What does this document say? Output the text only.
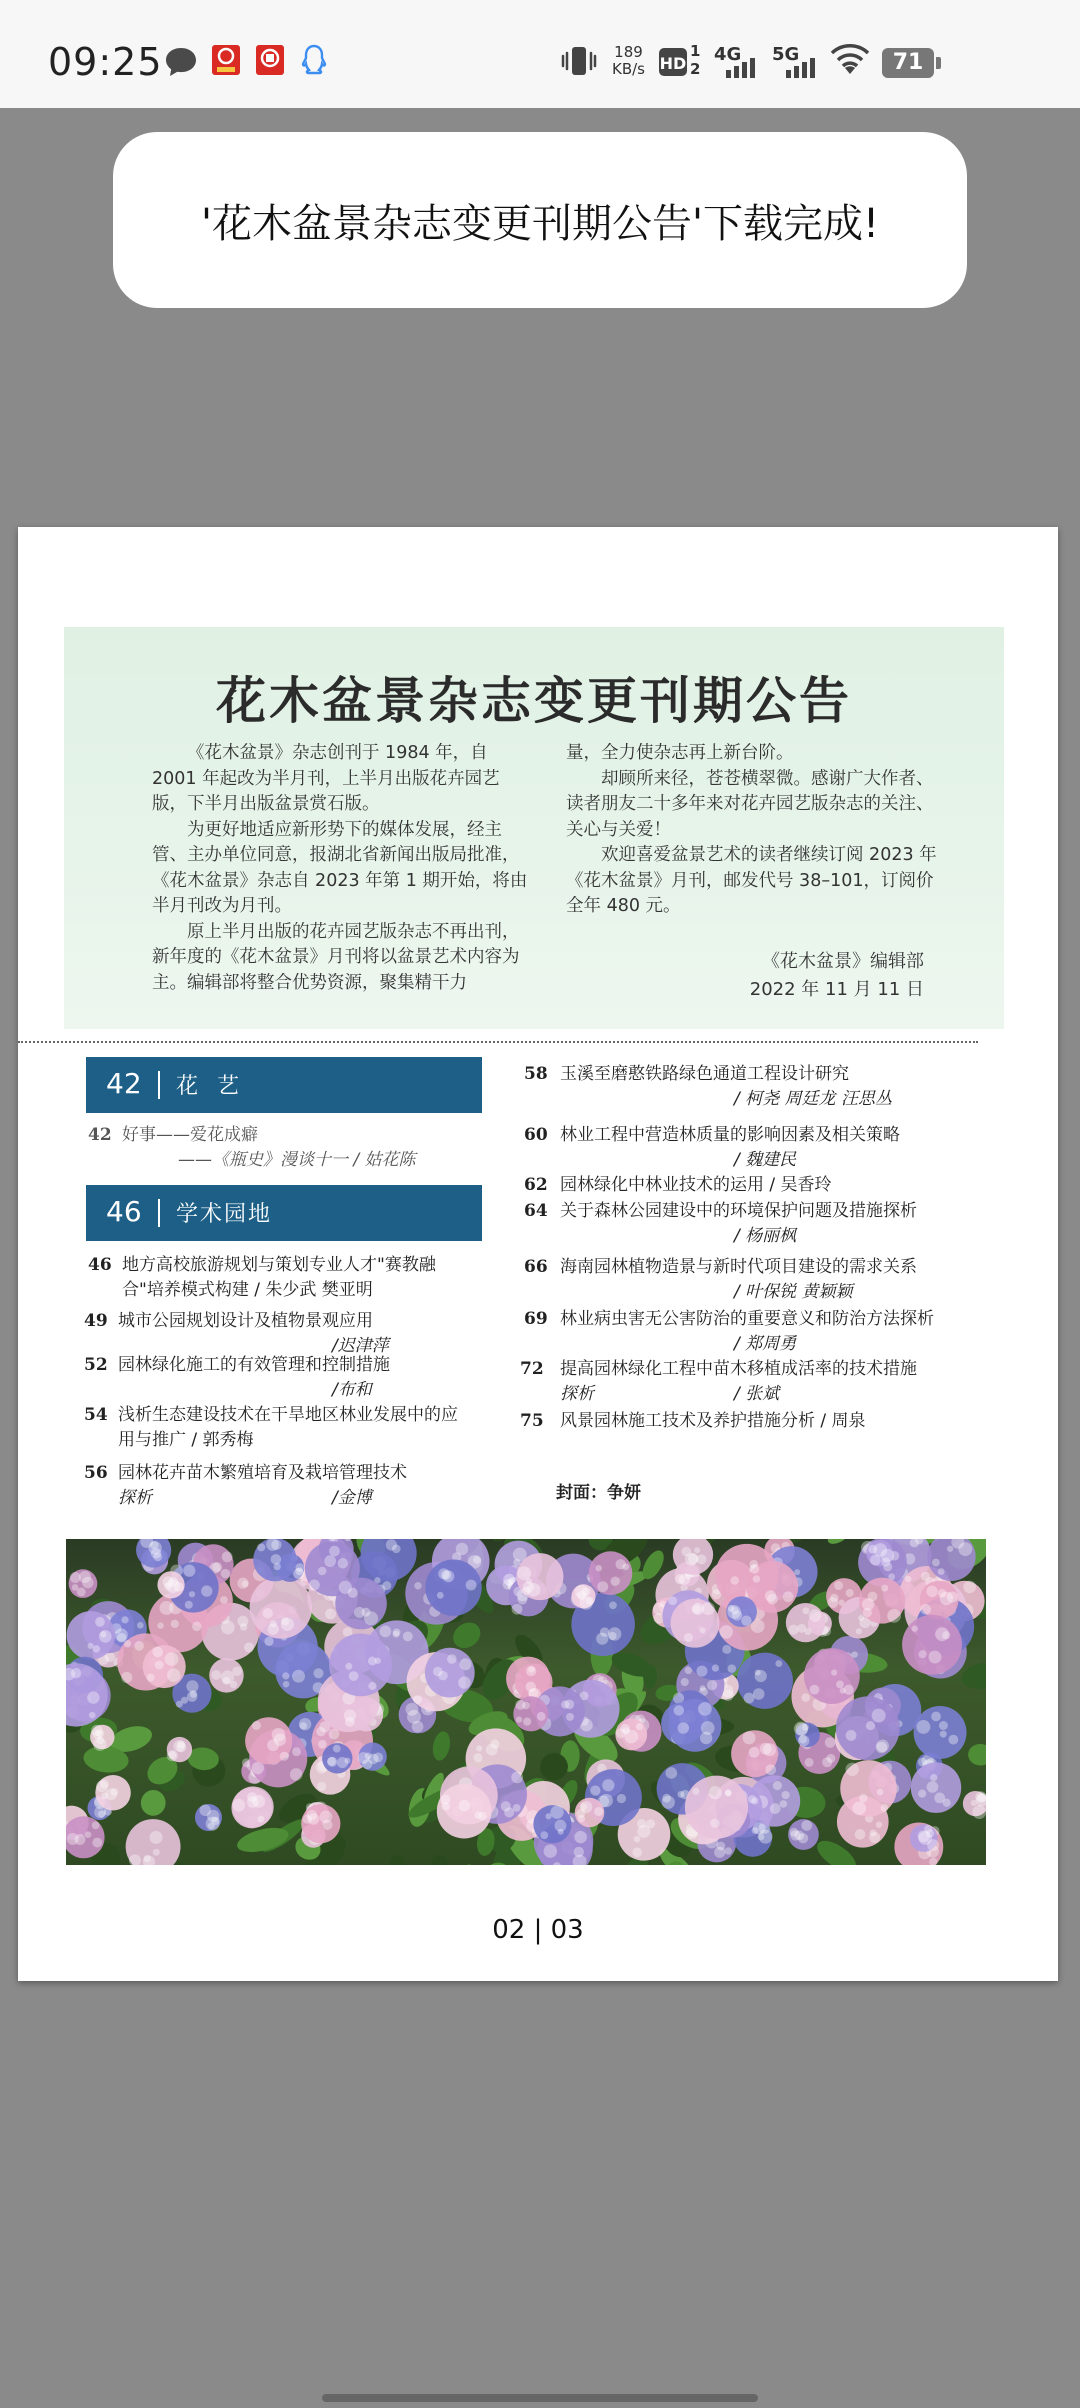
09:25	189
KB/s HD
1
2
4G 5G	71
'花木盆景杂志变更刊期公告'下载完成!
花木盆景杂志变更刊期公告

《花木盆景》杂志创刊于 1984 年，自 2001 年起改为半月刊，上半月出版花卉园艺版，下半月出版盆景赏石版。

为更好地适应新形势下的媒体发展，经主管、主办单位同意，报湖北省新闻出版局批准，《花木盆景》杂志自 2023 年第 1 期开始，将由半月刊改为月刊。

原上半月出版的花卉园艺版杂志不再出刊，新年度的《花木盆景》月刊将以盆景艺术内容为主。编辑部将整合优势资源，聚集精干力

量，全力使杂志再上新台阶。

却顾所来径，苍苍横翠微。感谢广大作者、读者朋友二十多年来对花卉园艺版杂志的关注、关心与关爱！

欢迎喜爱盆景艺术的读者继续订阅 2023 年《花木盆景》月刊，邮发代号 38–101，订阅价全年 480 元。

《花木盆景》编辑部
2022 年 11 月 11 日
42 花 艺
42 好事——爱花成癖
——《瓶史》漫谈十一 / 姑花陈
46 学术园地
46 地方高校旅游规划与策划专业人才"赛教融合"培养模式构建 / 朱少武 樊亚明
49 城市公园规划设计及植物景观应用
/迟津萍
52 园林绿化施工的有效管理和控制措施
/布和
54 浅析生态建设技术在干旱地区林业发展中的应用与推广 / 郭秀梅
56 园林花卉苗木繁殖培育及栽培管理技术
探析	/金博
58 玉溪至磨憨铁路绿色通道工程设计研究
/ 柯尧 周廷龙 汪思丛
60 林业工程中营造林质量的影响因素及相关策略
/ 魏建民
62 园林绿化中林业技术的运用 / 吴香玲
64 关于森林公园建设中的环境保护问题及措施探析
/ 杨丽枫
66 海南园林植物造景与新时代项目建设的需求关系
/ 叶保锐 黄颖颖
69 林业病虫害无公害防治的重要意义和防治方法探析
/ 郑周勇
72 提高园林绿化工程中苗木移植成活率的技术措施
探析	/ 张斌
75 风景园林施工技术及养护措施分析 / 周泉
封面：争妍
02 | 03
